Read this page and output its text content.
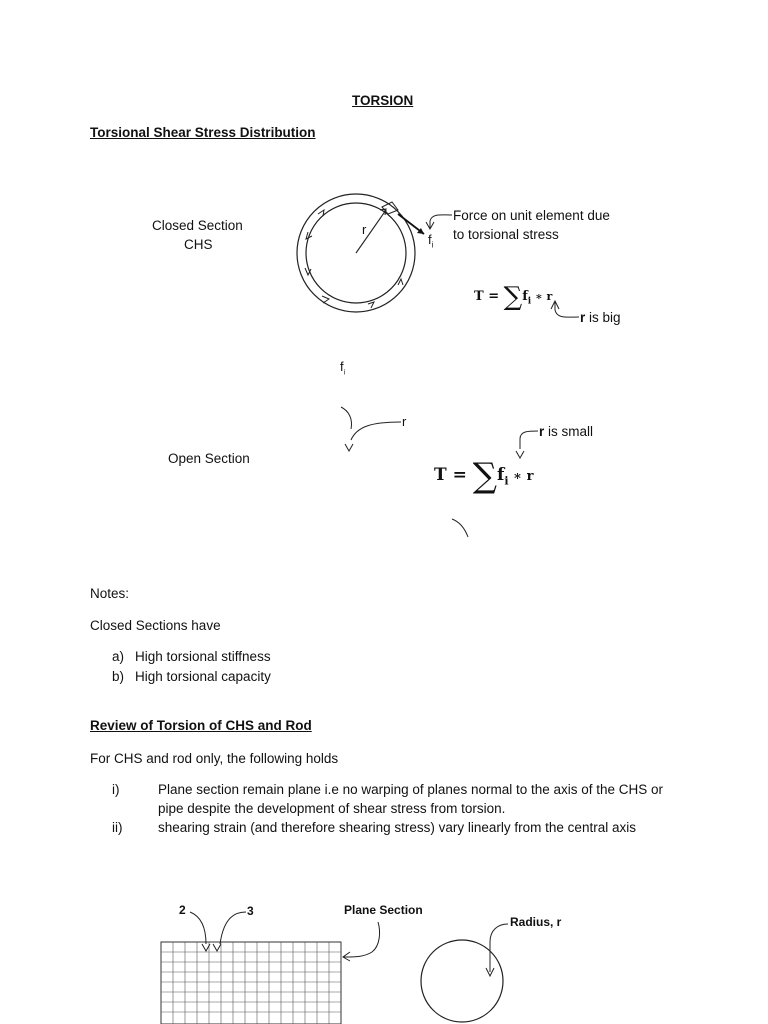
TORSION
Torsional Shear Stress Distribution
Closed Section
CHS
r
$f_i$
Force on unit element due
to torsional stress
$T = \sum f_i$ ∗ r
r is big
$f_i$
r
Open Section
r is small
$T = \sum f_i$ ∗ r
Notes:
Closed Sections have
a) High torsional stiffness
b) High torsional capacity
Review of Torsion of CHS and Rod
For CHS and rod only, the following holds
i)	Plane section remain plane i.e no warping of planes normal to the axis of the CHS or
pipe despite the development of shear stress from torsion.
ii)	shearing strain (and therefore shearing stress) vary linearly from the central axis
2	3	Plane Section
Radius, r
